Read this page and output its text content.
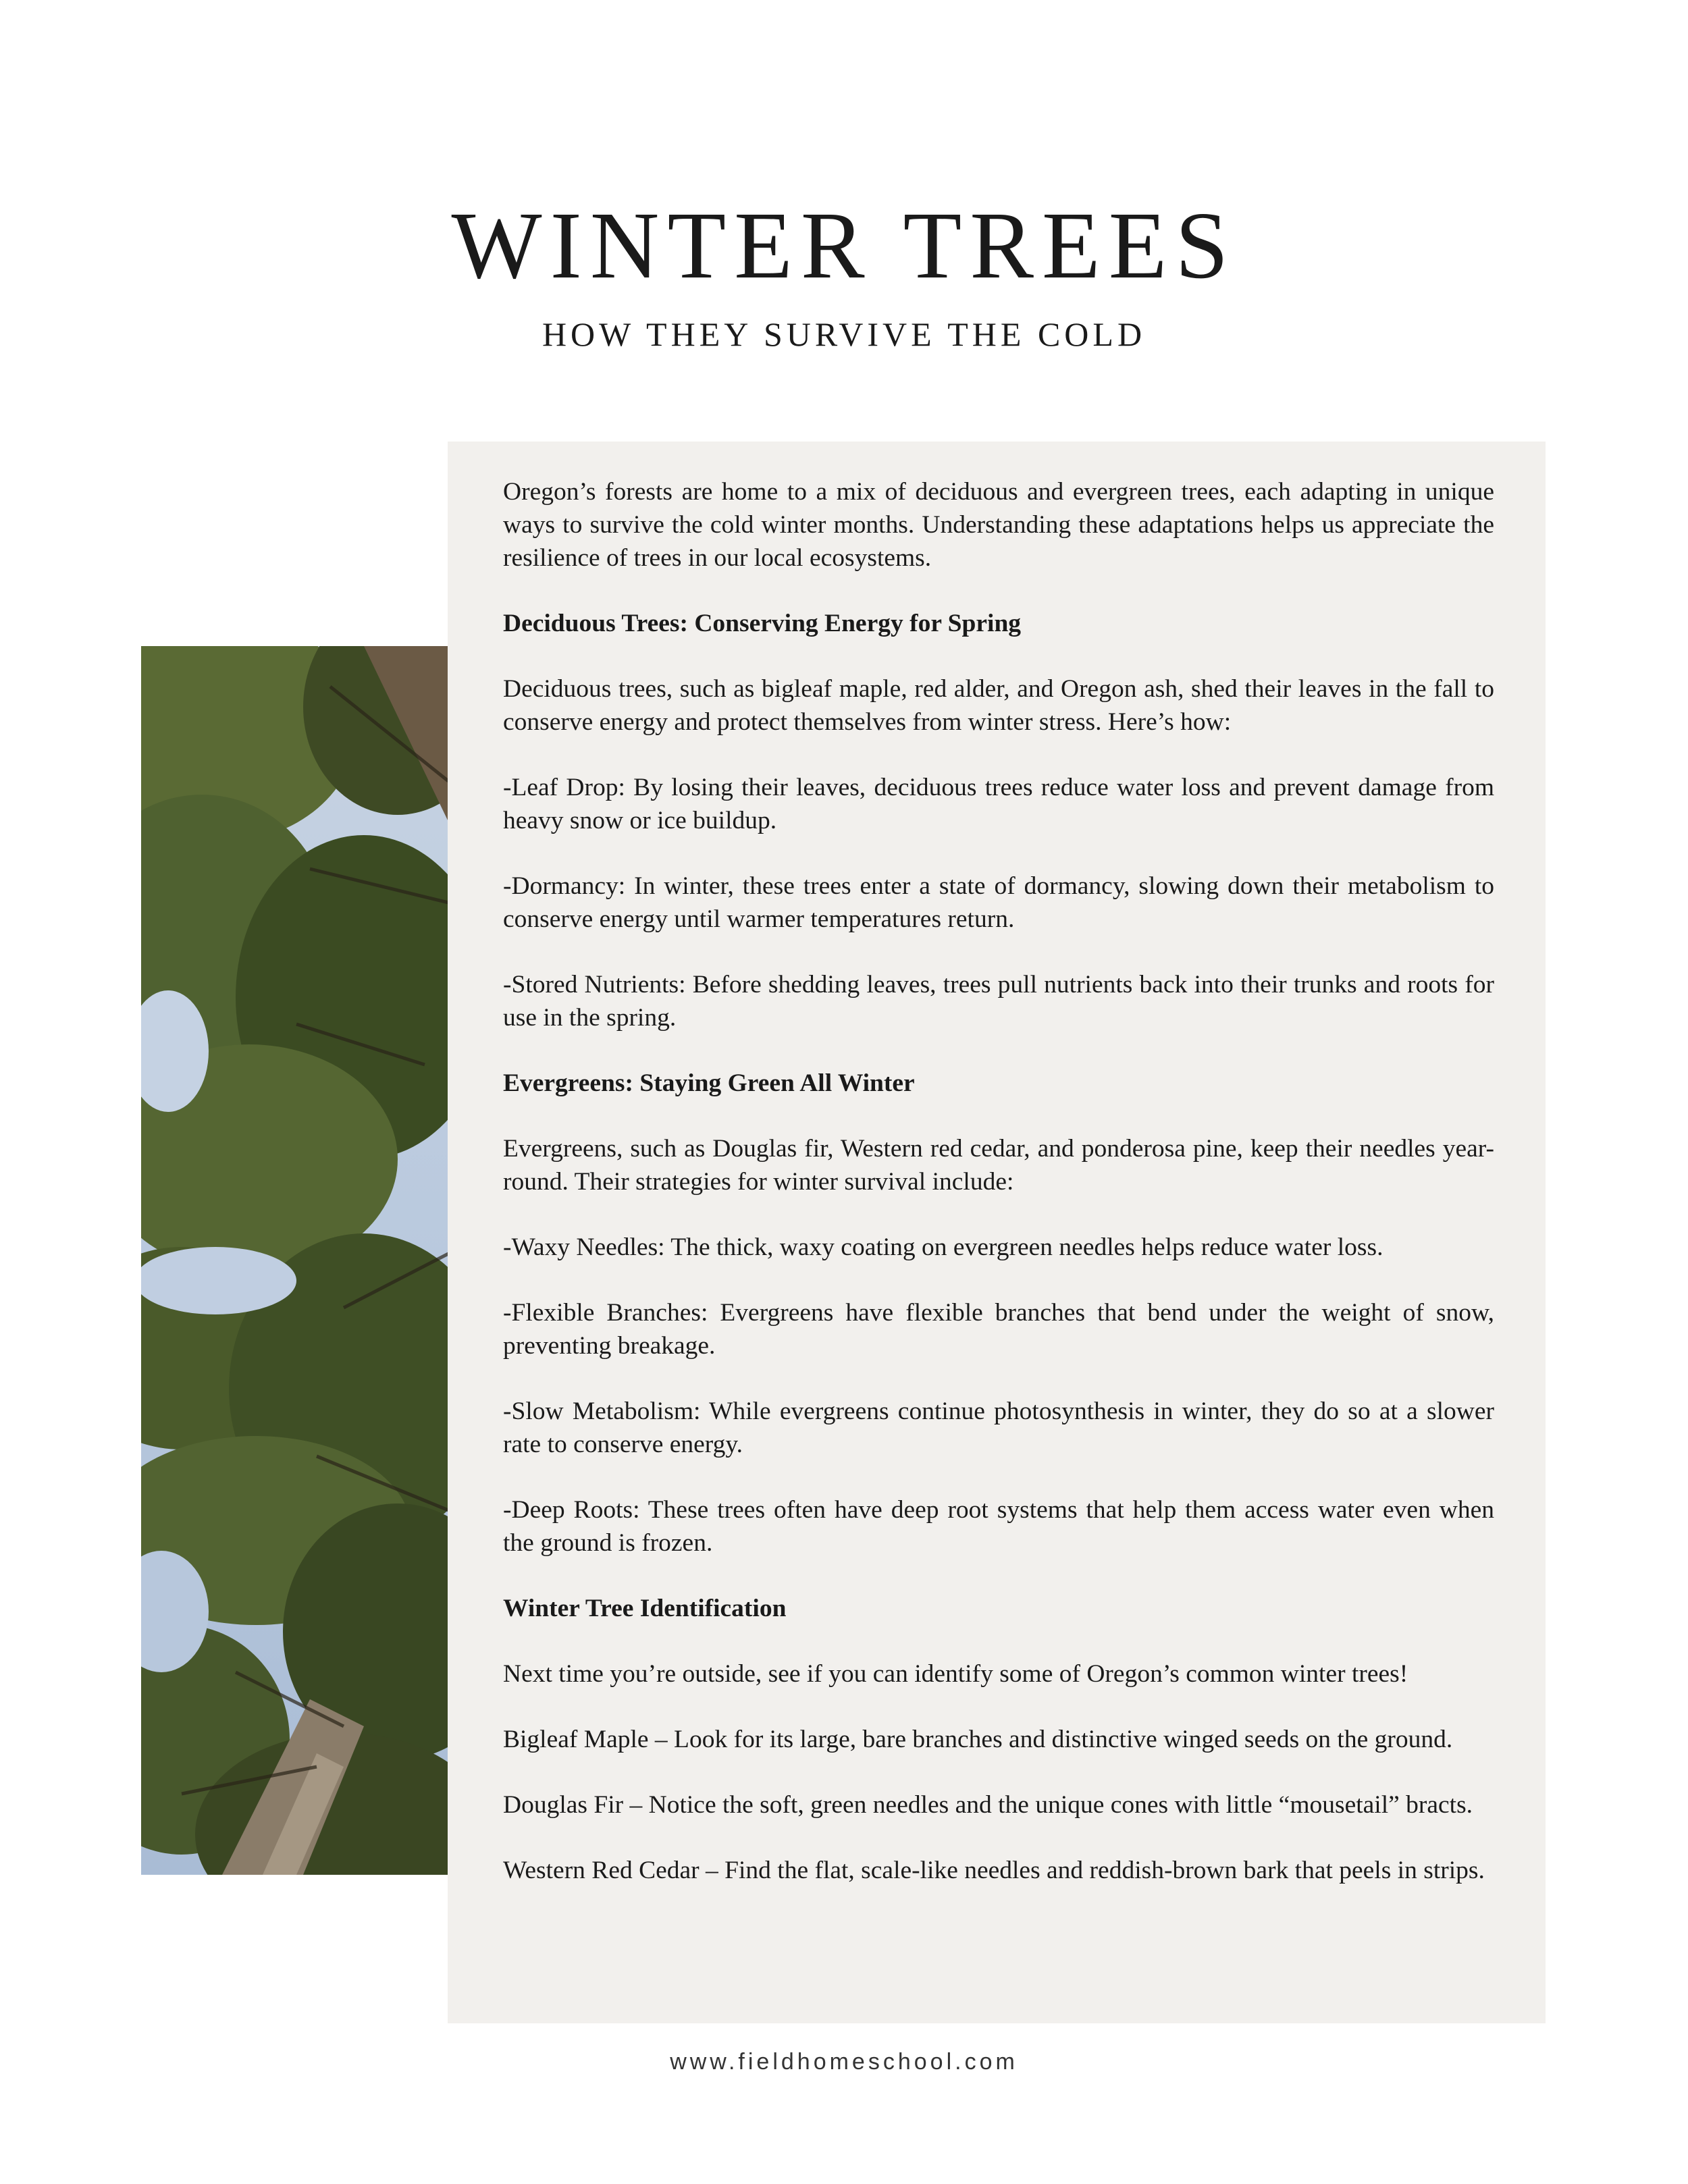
WINTER TREES
HOW THEY SURVIVE THE COLD

Oregon’s forests are home to a mix of deciduous and evergreen trees, each adapting in unique ways to survive the cold winter months. Understanding these adaptations helps us appreciate the resilience of trees in our local ecosystems.

Deciduous Trees: Conserving Energy for Spring

Deciduous trees, such as bigleaf maple, red alder, and Oregon ash, shed their leaves in the fall to conserve energy and protect themselves from winter stress. Here’s how:

-Leaf Drop: By losing their leaves, deciduous trees reduce water loss and prevent damage from heavy snow or ice buildup.

-Dormancy: In winter, these trees enter a state of dormancy, slowing down their metabolism to conserve energy until warmer temperatures return.

-Stored Nutrients: Before shedding leaves, trees pull nutrients back into their trunks and roots for use in the spring.

Evergreens: Staying Green All Winter

Evergreens, such as Douglas fir, Western red cedar, and ponderosa pine, keep their needles year-round. Their strategies for winter survival include:

-Waxy Needles: The thick, waxy coating on evergreen needles helps reduce water loss.

-Flexible Branches: Evergreens have flexible branches that bend under the weight of snow, preventing breakage.

-Slow Metabolism: While evergreens continue photosynthesis in winter, they do so at a slower rate to conserve energy.

-Deep Roots: These trees often have deep root systems that help them access water even when the ground is frozen.

Winter Tree Identification

Next time you’re outside, see if you can identify some of Oregon’s common winter trees!

Bigleaf Maple – Look for its large, bare branches and distinctive winged seeds on the ground.

Douglas Fir – Notice the soft, green needles and the unique cones with little “mousetail” bracts.

Western Red Cedar – Find the flat, scale-like needles and reddish-brown bark that peels in strips.

www.fieldhomeschool.com
